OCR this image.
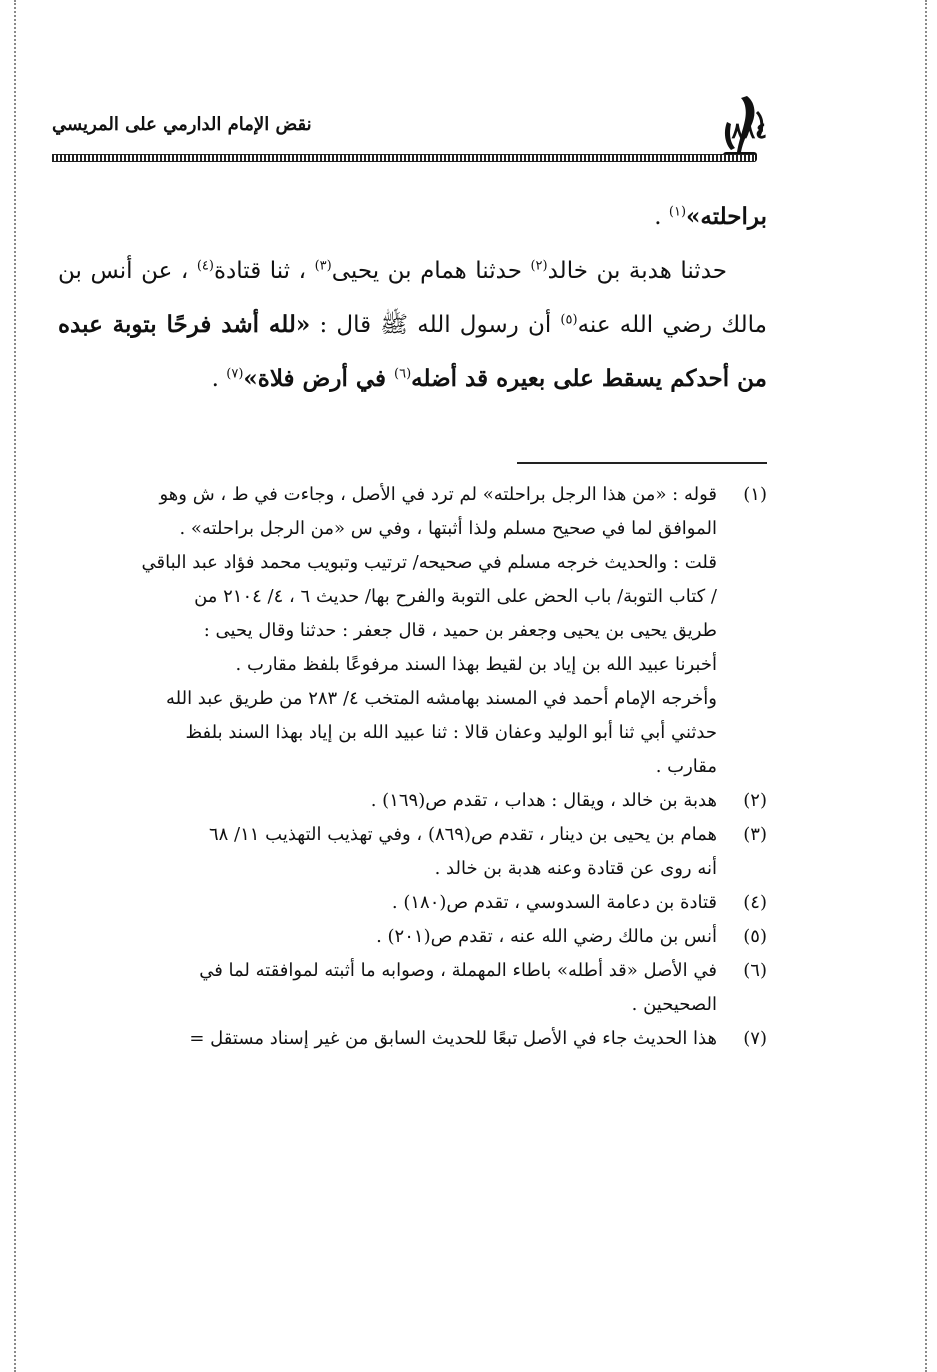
٨٨٤
نقض الإمام الدارمي على المريسي

براحلته»$^{(١)}$ .

حدثنا هدبة بن خالد$^{(٢)}$ حدثنا همام بن يحيى$^{(٣)}$ ، ثنا قتادة$^{(٤)}$ ، عن أنس بن مالك رضي الله عنه$^{(٥)}$ أن رسول الله ﷺ قال : «لله أشد فرحًا بتوبة عبده من أحدكم يسقط على بعيره قد أضله$^{(٦)}$ في أرض فلاة»$^{(٧)}$ .

(١)
قوله : «من هذا الرجل براحلته» لم ترد في الأصل ، وجاءت في ط ، ش وهو
الموافق لما في صحيح مسلم ولذا أثبتها ، وفي س «من الرجل براحلته» .
قلت : والحديث خرجه مسلم في صحيحه/ ترتيب وتبويب محمد فؤاد عبد الباقي
/ كتاب التوبة/ باب الحض على التوبة والفرح بها/ حديث ٦ ، ٤/ ٢١٠٤ من
طريق يحيى بن يحيى وجعفر بن حميد ، قال جعفر : حدثنا وقال يحيى :
أخبرنا عبيد الله بن إياد بن لقيط بهذا السند مرفوعًا بلفظ مقارب .
وأخرجه الإمام أحمد في المسند بهامشه المتخب ٤/ ٢٨٣ من طريق عبد الله
حدثني أبي ثنا أبو الوليد وعفان قالا : ثنا عبيد الله بن إياد بهذا السند بلفظ
مقارب .

(٢)
هدبة بن خالد ، ويقال : هداب ، تقدم ص(١٦٩) .

(٣)
همام بن يحيى بن دينار ، تقدم ص(٨٦٩) ، وفي تهذيب التهذيب ١١/ ٦٨
أنه روى عن قتادة وعنه هدبة بن خالد .

(٤)
قتادة بن دعامة السدوسي ، تقدم ص(١٨٠) .

(٥)
أنس بن مالك رضي الله عنه ، تقدم ص(٢٠١) .

(٦)
في الأصل «قد أطله» باطاء المهملة ، وصوابه ما أثبته لموافقته لما في
الصحيحين .

(٧)
هذا الحديث جاء في الأصل تبعًا للحديث السابق من غير إسناد مستقل =
